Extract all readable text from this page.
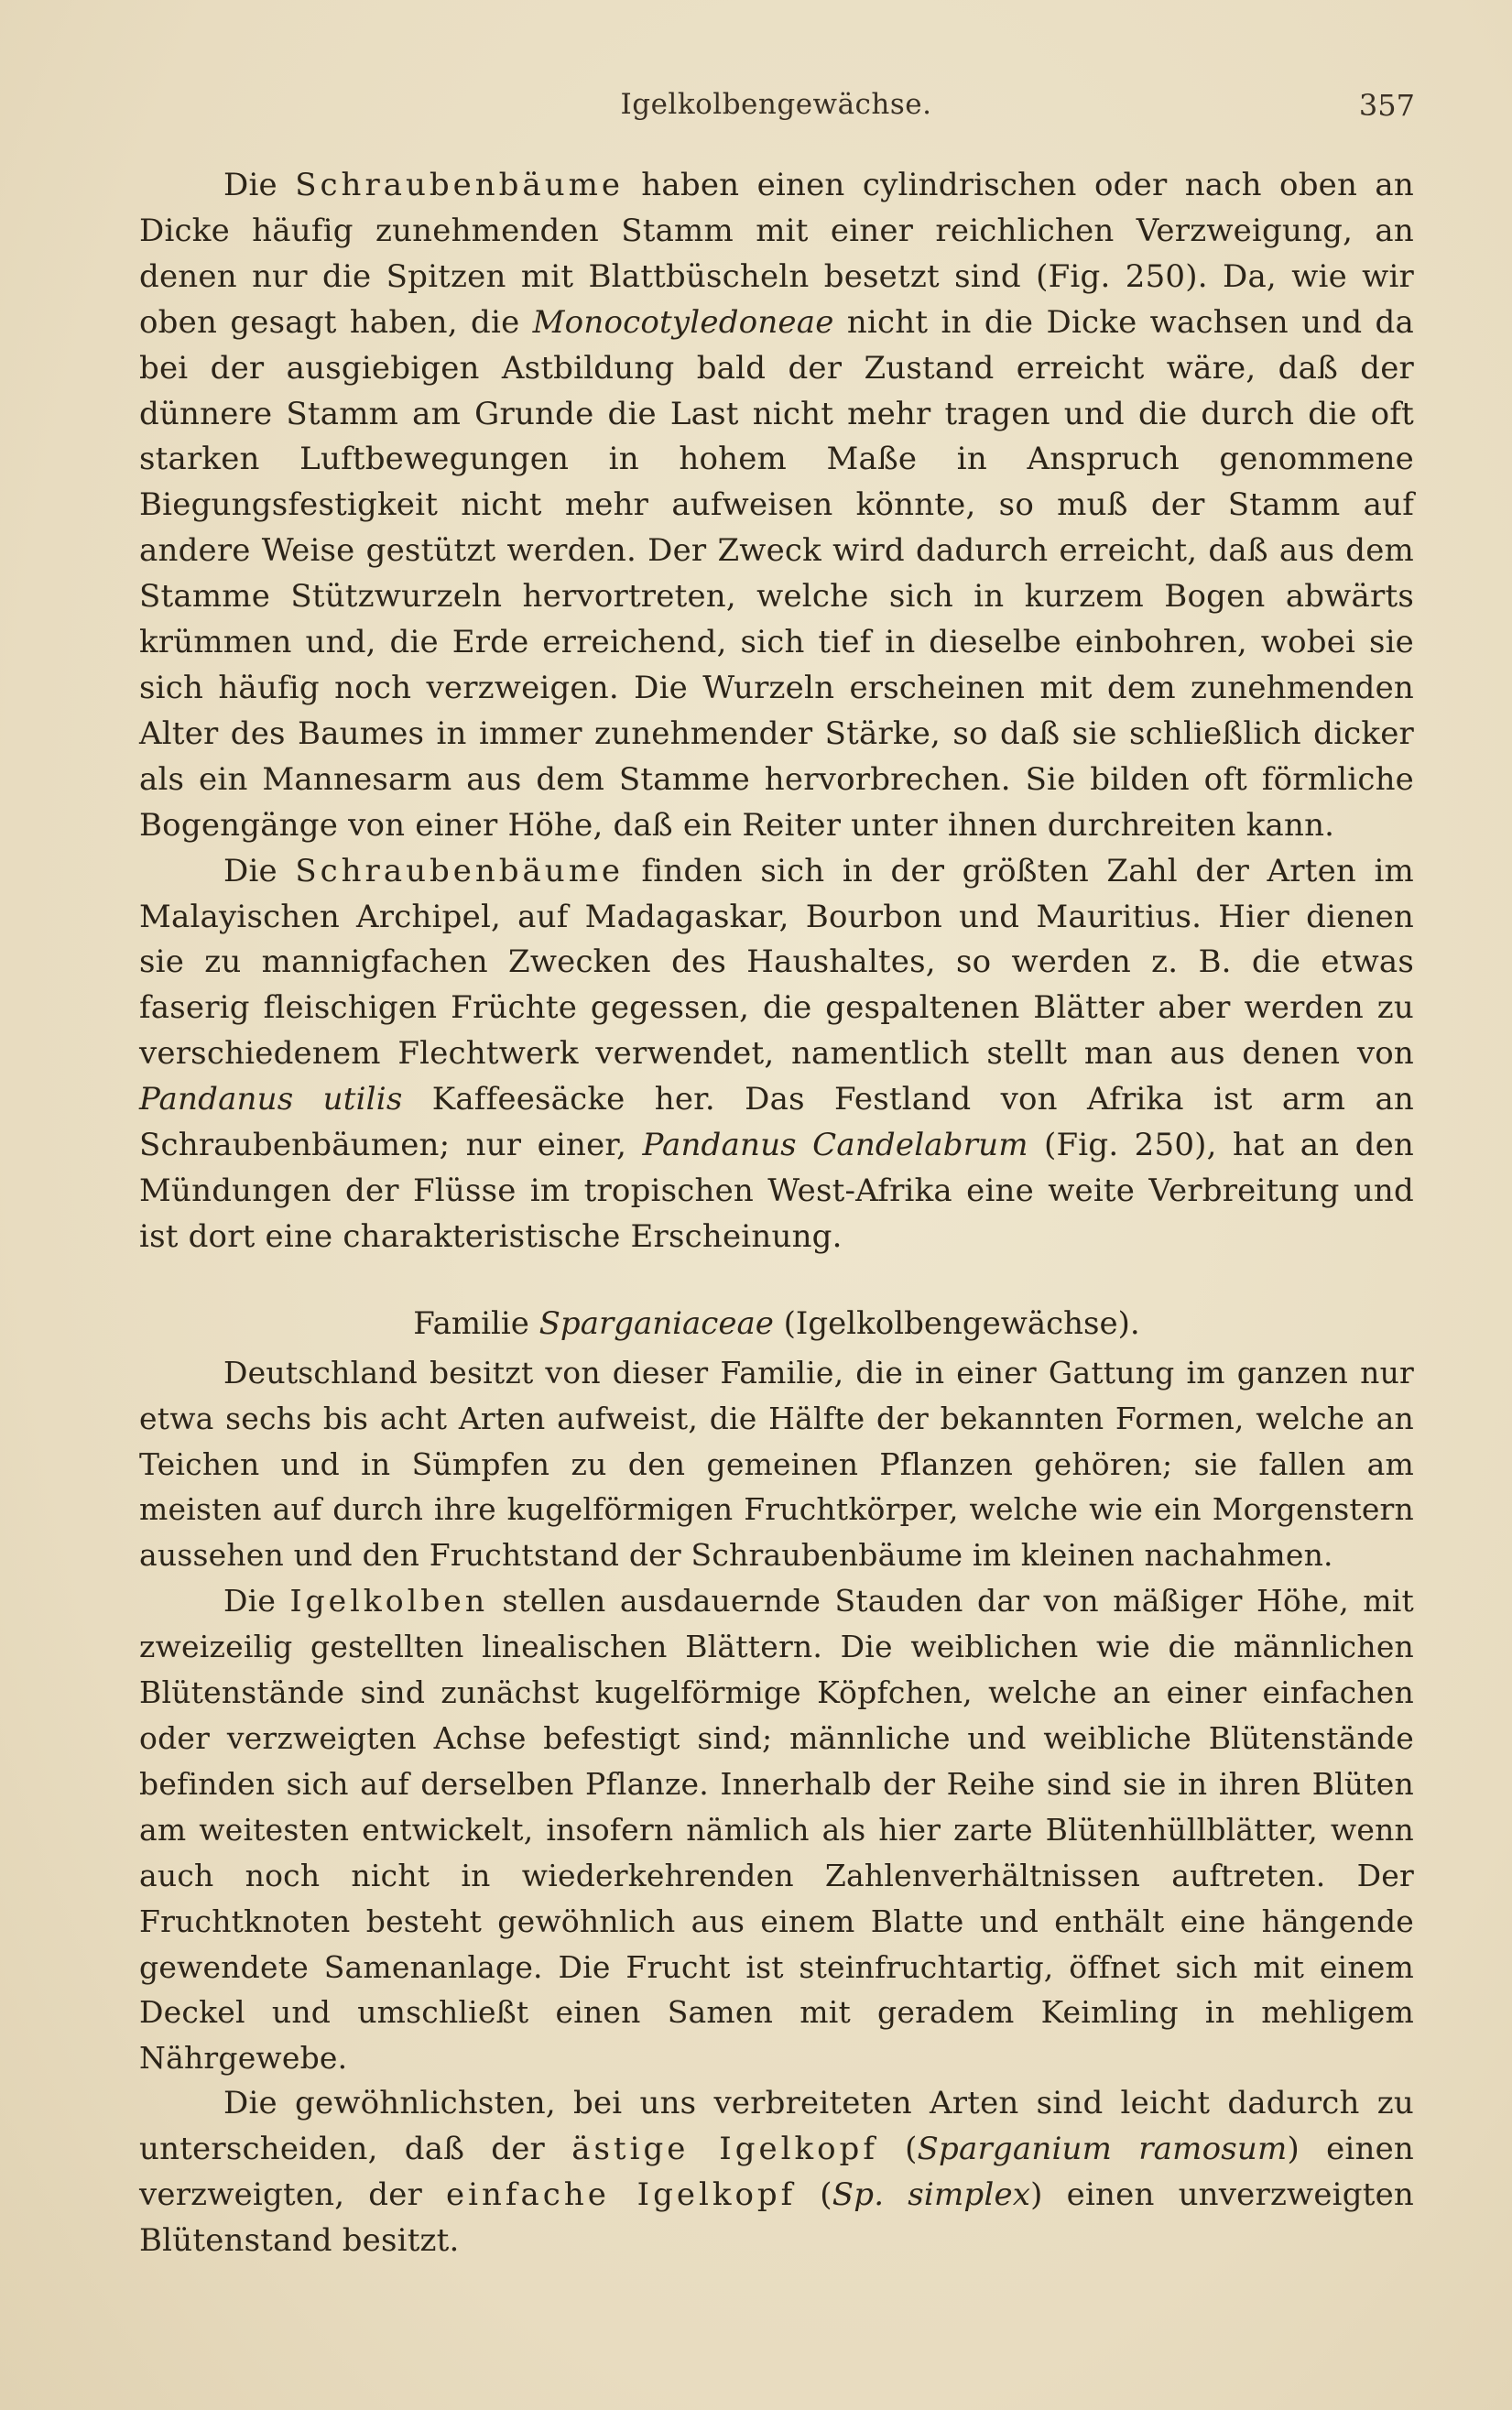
Igelkolbengewächse.	357

Die Schraubenbäume haben einen cylindrischen oder nach oben an Dicke häufig zunehmenden Stamm mit einer reichlichen Verzweigung, an denen nur die Spitzen mit Blattbüscheln besetzt sind (Fig. 250). Da, wie wir oben gesagt haben, die Monocotyledoneae nicht in die Dicke wachsen und da bei der ausgiebigen Astbildung bald der Zustand erreicht wäre, daß der dünnere Stamm am Grunde die Last nicht mehr tragen und die durch die oft starken Luftbewegungen in hohem Maße in Anspruch genommene Biegungsfestigkeit nicht mehr aufweisen könnte, so muß der Stamm auf andere Weise gestützt werden. Der Zweck wird dadurch erreicht, daß aus dem Stamme Stützwurzeln hervortreten, welche sich in kurzem Bogen abwärts krümmen und, die Erde erreichend, sich tief in dieselbe einbohren, wobei sie sich häufig noch verzweigen. Die Wurzeln erscheinen mit dem zunehmenden Alter des Baumes in immer zunehmender Stärke, so daß sie schließlich dicker als ein Mannesarm aus dem Stamme hervorbrechen. Sie bilden oft förmliche Bogengänge von einer Höhe, daß ein Reiter unter ihnen durchreiten kann.

Die Schraubenbäume finden sich in der größten Zahl der Arten im Malayischen Archipel, auf Madagaskar, Bourbon und Mauritius. Hier dienen sie zu mannigfachen Zwecken des Haushaltes, so werden z. B. die etwas faserig fleischigen Früchte gegessen, die gespaltenen Blätter aber werden zu verschiedenem Flechtwerk verwendet, namentlich stellt man aus denen von Pandanus utilis Kaffeesäcke her. Das Festland von Afrika ist arm an Schraubenbäumen; nur einer, Pandanus Candelabrum (Fig. 250), hat an den Mündungen der Flüsse im tropischen West-Afrika eine weite Verbreitung und ist dort eine charakteristische Erscheinung.

Familie Sparganiaceae (Igelkolbengewächse).

Deutschland besitzt von dieser Familie, die in einer Gattung im ganzen nur etwa sechs bis acht Arten aufweist, die Hälfte der bekannten Formen, welche an Teichen und in Sümpfen zu den gemeinen Pflanzen gehören; sie fallen am meisten auf durch ihre kugelförmigen Fruchtkörper, welche wie ein Morgenstern aussehen und den Fruchtstand der Schraubenbäume im kleinen nachahmen.

Die Igelkolben stellen ausdauernde Stauden dar von mäßiger Höhe, mit zweizeilig gestellten linealischen Blättern. Die weiblichen wie die männlichen Blütenstände sind zunächst kugelförmige Köpfchen, welche an einer einfachen oder verzweigten Achse befestigt sind; männliche und weibliche Blütenstände befinden sich auf derselben Pflanze. Innerhalb der Reihe sind sie in ihren Blüten am weitesten entwickelt, insofern nämlich als hier zarte Blütenhüllblätter, wenn auch noch nicht in wiederkehrenden Zahlenverhältnissen auftreten. Der Fruchtknoten besteht gewöhnlich aus einem Blatte und enthält eine hängende gewendete Samenanlage. Die Frucht ist steinfruchtartig, öffnet sich mit einem Deckel und umschließt einen Samen mit geradem Keimling in mehligem Nährgewebe.

Die gewöhnlichsten, bei uns verbreiteten Arten sind leicht dadurch zu unterscheiden, daß der ästige Igelkopf (Sparganium ramosum) einen verzweigten, der einfache Igelkopf (Sp. simplex) einen unverzweigten Blütenstand besitzt.
